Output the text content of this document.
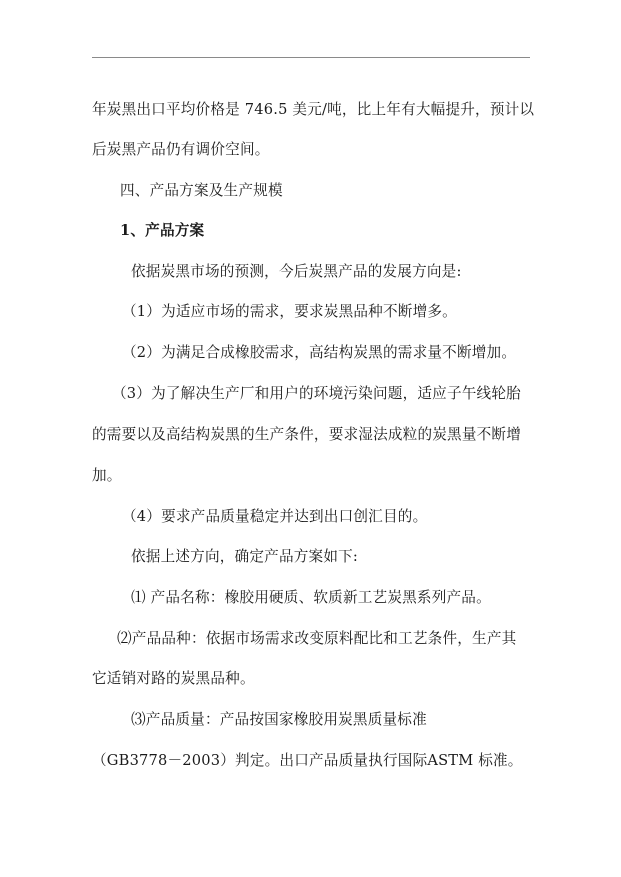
年炭黑出口平均价格是 746.5 美元/吨，比上年有大幅提升，预计以
后炭黑产品仍有调价空间。
四、产品方案及生产规模
1、产品方案
依据炭黑市场的预测，今后炭黑产品的发展方向是:
（1）为适应市场的需求，要求炭黑品种不断增多。
（2）为满足合成橡胶需求，高结构炭黑的需求量不断增加。
（3）为了解决生产厂和用户的环境污染问题，适应子午线轮胎
的需要以及高结构炭黑的生产条件，要求湿法成粒的炭黑量不断增
加。
（4）要求产品质量稳定并达到出口创汇目的。
依据上述方向，确定产品方案如下:
⑴ 产品名称：橡胶用硬质、软质新工艺炭黑系列产品。
⑵产品品种：依据市场需求改变原料配比和工艺条件，生产其
它适销对路的炭黑品种。
⑶产品质量：产品按国家橡胶用炭黑质量标准
（GB3778－2003）判定。出口产品质量执行国际ASTM 标准。
